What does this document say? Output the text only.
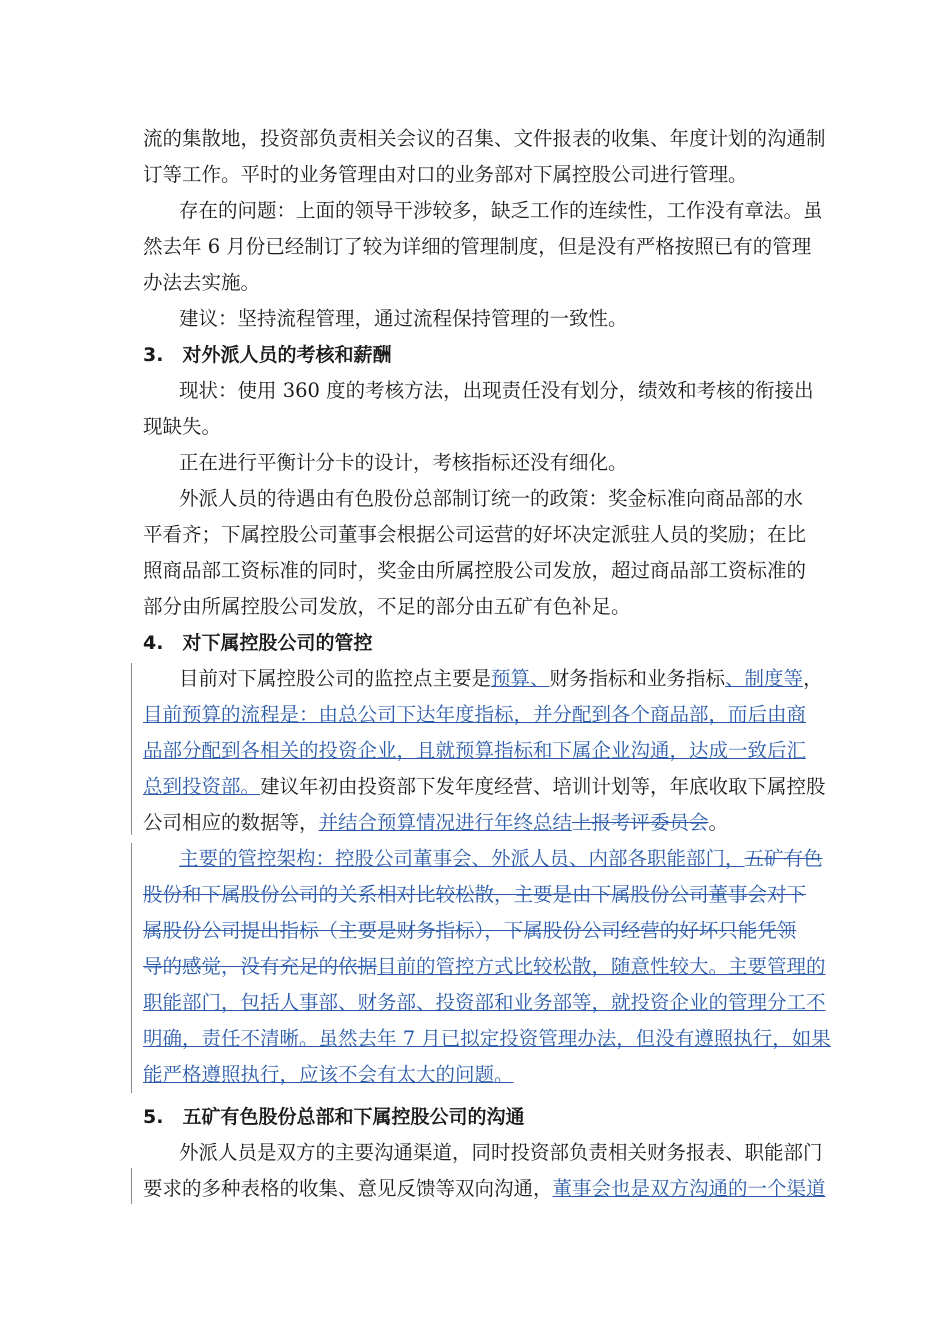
流的集散地，投资部负责相关会议的召集、文件报表的收集、年度计划的沟通制
订等工作。平时的业务管理由对口的业务部对下属控股公司进行管理。
存在的问题：上面的领导干涉较多，缺乏工作的连续性，工作没有章法。虽
然去年 6 月份已经制订了较为详细的管理制度，但是没有严格按照已有的管理
办法去实施。
建议：坚持流程管理，通过流程保持管理的一致性。
3.　对外派人员的考核和薪酬
现状：使用 360 度的考核方法，出现责任没有划分，绩效和考核的衔接出
现缺失。
正在进行平衡计分卡的设计，考核指标还没有细化。
外派人员的待遇由有色股份总部制订统一的政策：奖金标准向商品部的水
平看齐；下属控股公司董事会根据公司运营的好坏决定派驻人员的奖励；在比
照商品部工资标准的同时，奖金由所属控股公司发放，超过商品部工资标准的
部分由所属控股公司发放，不足的部分由五矿有色补足。
4.　对下属控股公司的管控
目前对下属控股公司的监控点主要是预算、财务指标和业务指标、制度等，
目前预算的流程是：由总公司下达年度指标，并分配到各个商品部，而后由商
品部分配到各相关的投资企业，且就预算指标和下属企业沟通，达成一致后汇
总到投资部。建议年初由投资部下发年度经营、培训计划等，年底收取下属控股
公司相应的数据等，并结合预算情况进行年终总结上报考评委员会。
主要的管控架构：控股公司董事会、外派人员、内部各职能部门，五矿有色
股份和下属股份公司的关系相对比较松散，主要是由下属股份公司董事会对下
属股份公司提出指标（主要是财务指标），下属股份公司经营的好坏只能凭领
导的感觉，没有充足的依据目前的管控方式比较松散，随意性较大。主要管理的
职能部门，包括人事部、财务部、投资部和业务部等，就投资企业的管理分工不
明确，责任不清晰。虽然去年 7 月已拟定投资管理办法，但没有遵照执行，如果
能严格遵照执行，应该不会有太大的问题。
5.　五矿有色股份总部和下属控股公司的沟通
外派人员是双方的主要沟通渠道，同时投资部负责相关财务报表、职能部门
要求的多种表格的收集、意见反馈等双向沟通，董事会也是双方沟通的一个渠道
